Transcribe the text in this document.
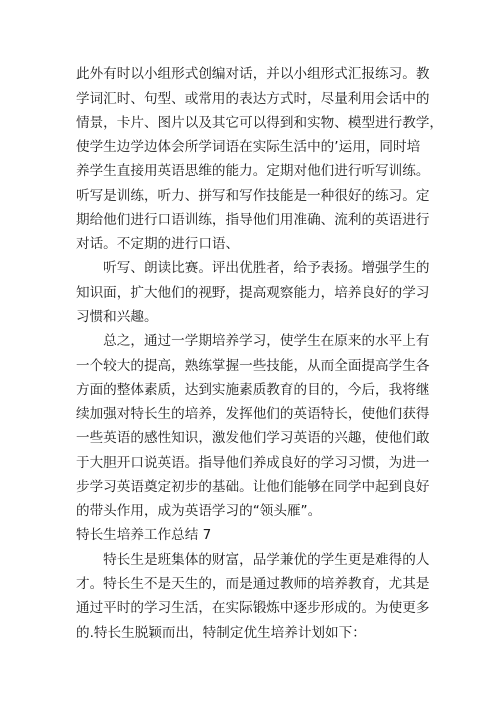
此外有时以小组形式创编对话，并以小组形式汇报练习。教
学词汇时、句型、或常用的表达方式时，尽量利用会话中的
情景，卡片、图片以及其它可以得到和实物、模型进行教学，
使学生边学边体会所学词语在实际生活中的’运用，同时培
养学生直接用英语思维的能力。定期对他们进行听写训练。
听写是训练，听力、拼写和写作技能是一种很好的练习。定
期给他们进行口语训练，指导他们用准确、流利的英语进行
对话。不定期的进行口语、
　　听写、朗读比赛。评出优胜者，给予表扬。增强学生的
知识面，扩大他们的视野，提高观察能力，培养良好的学习
习惯和兴趣。
　　总之，通过一学期培养学习，使学生在原来的水平上有
一个较大的提高，熟练掌握一些技能，从而全面提高学生各
方面的整体素质，达到实施素质教育的目的，今后，我将继
续加强对特长生的培养，发挥他们的英语特长，使他们获得
一些英语的感性知识，激发他们学习英语的兴趣，使他们敢
于大胆开口说英语。指导他们养成良好的学习习惯，为进一
步学习英语奠定初步的基础。让他们能够在同学中起到良好
的带头作用，成为英语学习的“领头雁”。
特长生培养工作总结 7
　　特长生是班集体的财富，品学兼优的学生更是难得的人
才。特长生不是天生的，而是通过教师的培养教育，尤其是
通过平时的学习生活，在实际锻炼中逐步形成的。为使更多
的.特长生脱颖而出，特制定优生培养计划如下：
